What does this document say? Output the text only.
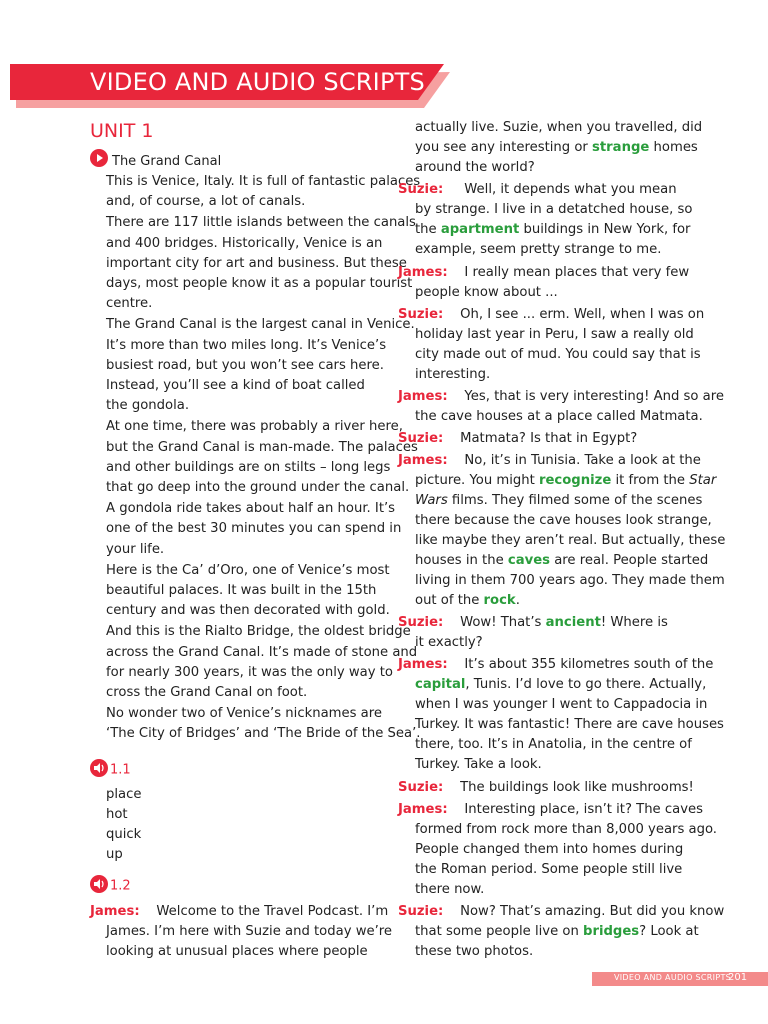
VIDEO AND AUDIO SCRIPTS
UNIT 1
The Grand Canal
This is Venice, Italy. It is full of fantastic palaces
and, of course, a lot of canals.
There are 117 little islands between the canals
and 400 bridges. Historically, Venice is an
important city for art and business. But these
days, most people know it as a popular tourist
centre.
The Grand Canal is the largest canal in Venice.
It’s more than two miles long. It’s Venice’s
busiest road, but you won’t see cars here.
Instead, you’ll see a kind of boat called
the gondola.
At one time, there was probably a river here,
but the Grand Canal is man-made. The palaces
and other buildings are on stilts – long legs
that go deep into the ground under the canal.
A gondola ride takes about half an hour. It’s
one of the best 30 minutes you can spend in
your life.
Here is the Ca’ d’Oro, one of Venice’s most
beautiful palaces. It was built in the 15th
century and was then decorated with gold.
And this is the Rialto Bridge, the oldest bridge
across the Grand Canal. It’s made of stone and
for nearly 300 years, it was the only way to
cross the Grand Canal on foot.
No wonder two of Venice’s nicknames are
‘The City of Bridges’ and ‘The Bride of the Sea’.
1.1
place
hot
quick
up
1.2
James: Welcome to the Travel Podcast. I’m
James. I’m here with Suzie and today we’re
looking at unusual places where people
actually live. Suzie, when you travelled, did
you see any interesting or strange homes
around the world?
Suzie: Well, it depends what you mean
by strange. I live in a detatched house, so
the apartment buildings in New York, for
example, seem pretty strange to me.
James: I really mean places that very few
people know about ...
Suzie: Oh, I see ... erm. Well, when I was on
holiday last year in Peru, I saw a really old
city made out of mud. You could say that is
interesting.
James: Yes, that is very interesting! And so are
the cave houses at a place called Matmata.
Suzie: Matmata? Is that in Egypt?
James: No, it’s in Tunisia. Take a look at the
picture. You might recognize it from the Star
Wars films. They filmed some of the scenes
there because the cave houses look strange,
like maybe they aren’t real. But actually, these
houses in the caves are real. People started
living in them 700 years ago. They made them
out of the rock.
Suzie: Wow! That’s ancient! Where is
it exactly?
James: It’s about 355 kilometres south of the
capital, Tunis. I’d love to go there. Actually,
when I was younger I went to Cappadocia in
Turkey. It was fantastic! There are cave houses
there, too. It’s in Anatolia, in the centre of
Turkey. Take a look.
Suzie: The buildings look like mushrooms!
James: Interesting place, isn’t it? The caves
formed from rock more than 8,000 years ago.
People changed them into homes during
the Roman period. Some people still live
there now.
Suzie: Now? That’s amazing. But did you know
that some people live on bridges? Look at
these two photos.
VIDEO AND AUDIO SCRIPTS
201
